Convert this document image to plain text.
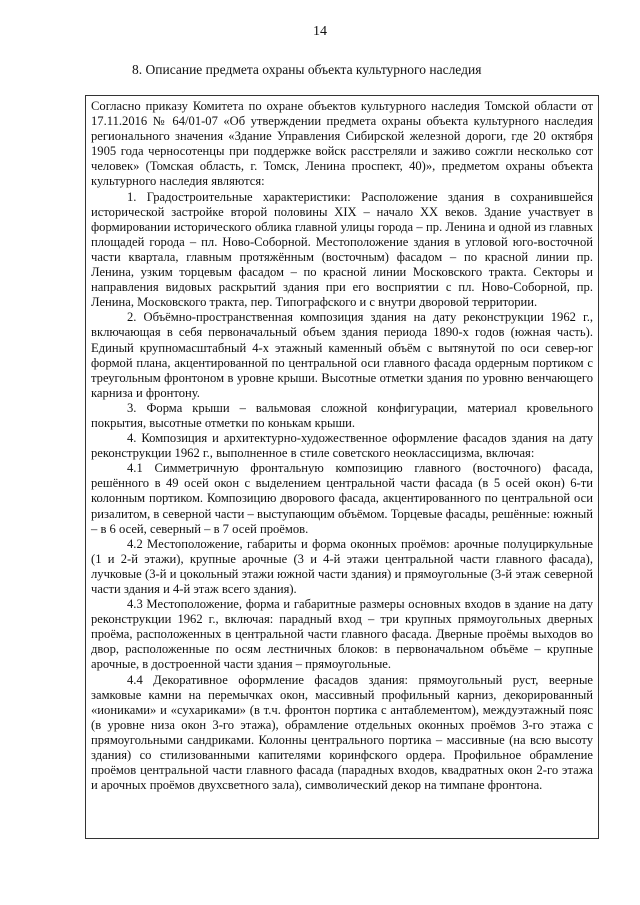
14
8. Описание предмета охраны объекта культурного наследия

Согласно приказу Комитета по охране объектов культурного наследия Томской области от 17.11.2016 № 64/01-07 «Об утверждении предмета охраны объекта культурного наследия регионального значения «Здание Управления Сибирской железной дороги, где 20 октября 1905 года черносотенцы при поддержке войск расстреляли и заживо сожгли несколько сот человек» (Томская область, г. Томск, Ленина проспект, 40)», предметом охраны объекта культурного наследия являются:

1. Градостроительные характеристики: Расположение здания в сохранившейся исторической застройке второй половины XIX – начало XX веков. Здание участвует в формировании исторического облика главной улицы города – пр. Ленина и одной из главных площадей города – пл. Ново-Соборной. Местоположение здания в угловой юго-восточной части квартала, главным протяжённым (восточным) фасадом – по красной линии пр. Ленина, узким торцевым фасадом – по красной линии Московского тракта. Секторы и направления видовых раскрытий здания при его восприятии с пл. Ново-Соборной, пр. Ленина, Московского тракта, пер. Типографского и с внутри дворовой территории.

2. Объёмно-пространственная композиция здания на дату реконструкции 1962 г., включающая в себя первоначальный объем здания периода 1890-х годов (южная часть). Единый крупномасштабный 4-х этажный каменный объём с вытянутой по оси север-юг формой плана, акцентированной по центральной оси главного фасада ордерным портиком с треугольным фронтоном в уровне крыши. Высотные отметки здания по уровню венчающего карниза и фронтону.

3. Форма крыши – вальмовая сложной конфигурации, материал кровельного покрытия, высотные отметки по конькам крыши.

4. Композиция и архитектурно-художественное оформление фасадов здания на дату реконструкции 1962 г., выполненное в стиле советского неоклассицизма, включая:

4.1 Симметричную фронтальную композицию главного (восточного) фасада, решённого в 49 осей окон с выделением центральной части фасада (в 5 осей окон) 6-ти колонным портиком. Композицию дворового фасада, акцентированного по центральной оси ризалитом, в северной части – выступающим объёмом. Торцевые фасады, решённые: южный – в 6 осей, северный – в 7 осей проёмов.

4.2 Местоположение, габариты и форма оконных проёмов: арочные полуциркульные (1 и 2-й этажи), крупные арочные (3 и 4-й этажи центральной части главного фасада), лучковые (3-й и цокольный этажи южной части здания) и прямоугольные (3-й этаж северной части здания и 4-й этаж всего здания).

4.3 Местоположение, форма и габаритные размеры основных входов в здание на дату реконструкции 1962 г., включая: парадный вход – три крупных прямоугольных дверных проёма, расположенных в центральной части главного фасада. Дверные проёмы выходов во двор, расположенные по осям лестничных блоков: в первоначальном объёме – крупные арочные, в достроенной части здания – прямоугольные.

4.4 Декоративное оформление фасадов здания: прямоугольный руст, веерные замковые камни на перемычках окон, массивный профильный карниз, декорированный «иониками» и «сухариками» (в т.ч. фронтон портика с антаблементом), междуэтажный пояс (в уровне низа окон 3-го этажа), обрамление отдельных оконных проёмов 3-го этажа с прямоугольными сандриками. Колонны центрального портика – массивные (на всю высоту здания) со стилизованными капителями коринфского ордера. Профильное обрамление проёмов центральной части главного фасада (парадных входов, квадратных окон 2-го этажа и арочных проёмов двухсветного зала), символический декор на тимпане фронтона.
